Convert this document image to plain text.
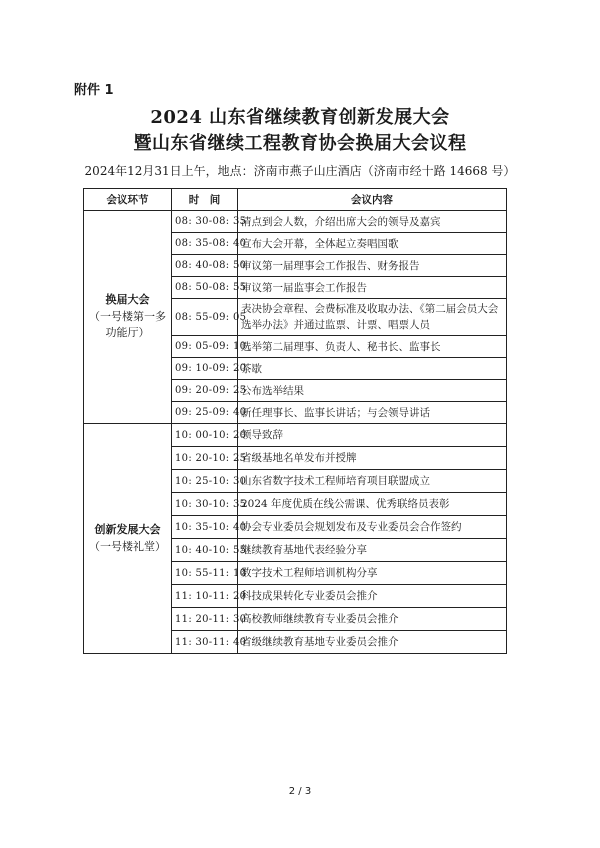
附件 1
2024 山东省继续教育创新发展大会
暨山东省继续工程教育协会换届大会议程
2024年12月31日上午，地点：济南市燕子山庄酒店（济南市经十路 14668 号）
会议环节	时　间	会议内容

换届大会
（一号楼第一多功能厅）	08: 30-08: 35	清点到会人数，介绍出席大会的领导及嘉宾
	08: 35-08: 40	宣布大会开幕，全体起立奏唱国歌
	08: 40-08: 50	审议第一届理事会工作报告、财务报告
	08: 50-08: 55	审议第一届监事会工作报告
	08: 55-09: 05	表决协会章程、会费标准及收取办法、《第二届会员大会选举办法》并通过监票、计票、唱票人员
	09: 05-09: 10	选举第二届理事、负责人、秘书长、监事长
	09: 10-09: 20	茶歇
	09: 20-09: 25	公布选举结果
	09: 25-09: 40	新任理事长、监事长讲话；与会领导讲话

创新发展大会
（一号楼礼堂）	10: 00-10: 20	领导致辞
	10: 20-10: 25	省级基地名单发布并授牌
	10: 25-10: 30	山东省数字技术工程师培育项目联盟成立
	10: 30-10: 35	2024 年度优质在线公需课、优秀联络员表彰
	10: 35-10: 40	协会专业委员会规划发布及专业委员会合作签约
	10: 40-10: 55	继续教育基地代表经验分享
	10: 55-11: 10	数字技术工程师培训机构分享
	11: 10-11: 20	科技成果转化专业委员会推介
	11: 20-11: 30	高校教师继续教育专业委员会推介
	11: 30-11: 40	省级继续教育基地专业委员会推介
2 / 3
